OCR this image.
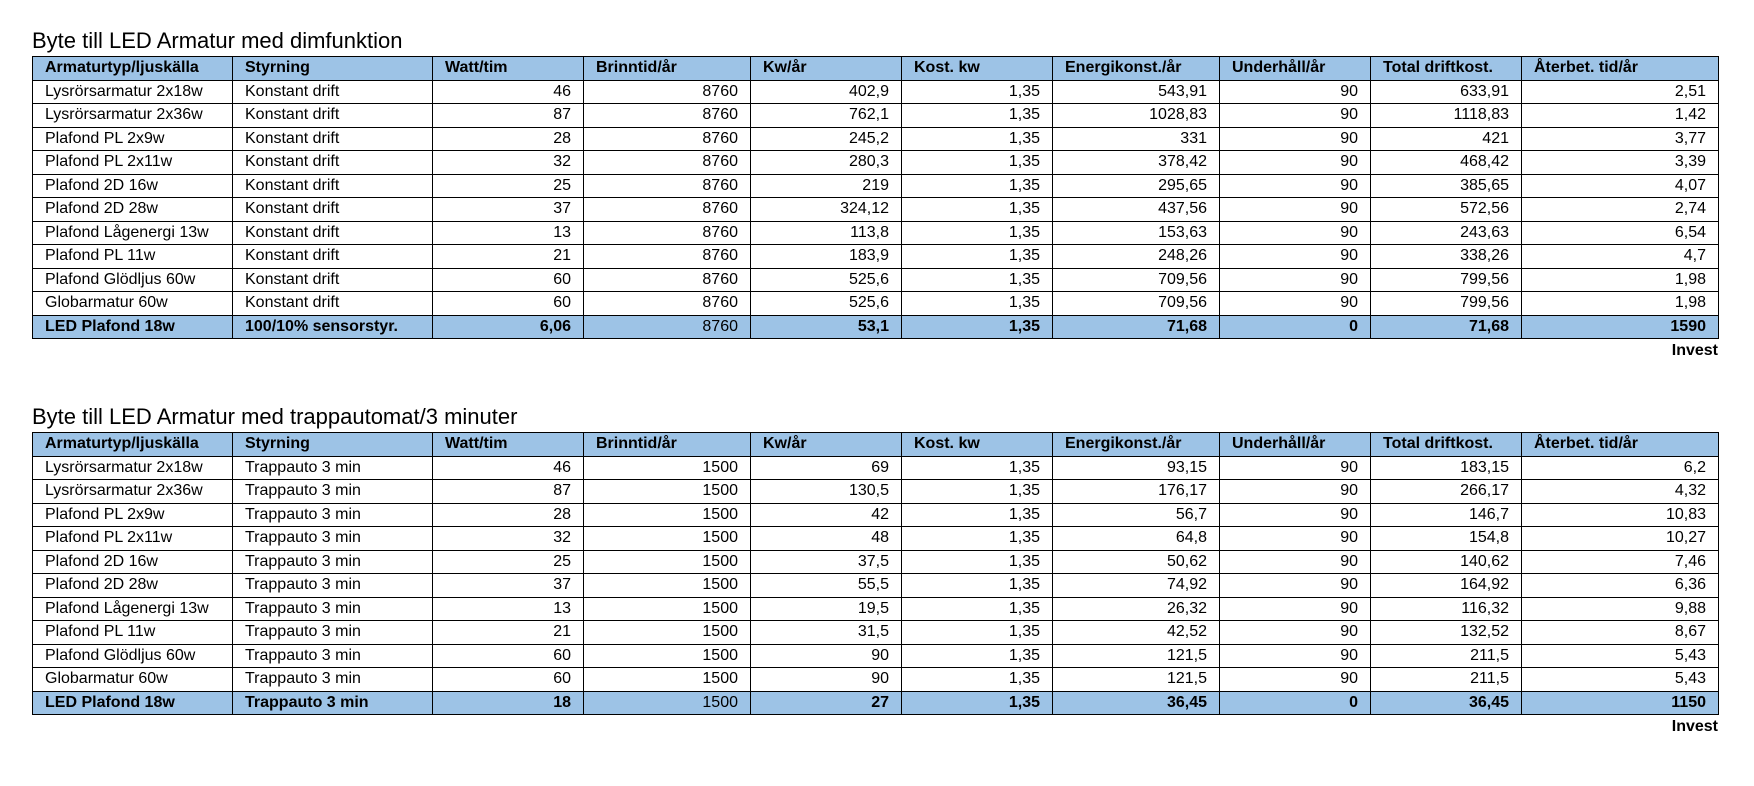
Byte till LED Armatur med dimfunktion
Armaturtyp/ljuskälla	Styrning	Watt/tim	Brinntid/år	Kw/år	Kost. kw	Energikonst./år	Underhåll/år	Total driftkost.	Återbet. tid/år
Lysrörsarmatur 2x18w	Konstant drift	46	8760	402,9	1,35	543,91	90	633,91	2,51
Lysrörsarmatur 2x36w	Konstant drift	87	8760	762,1	1,35	1028,83	90	1118,83	1,42
Plafond PL 2x9w	Konstant drift	28	8760	245,2	1,35	331	90	421	3,77
Plafond PL 2x11w	Konstant drift	32	8760	280,3	1,35	378,42	90	468,42	3,39
Plafond 2D 16w	Konstant drift	25	8760	219	1,35	295,65	90	385,65	4,07
Plafond 2D 28w	Konstant drift	37	8760	324,12	1,35	437,56	90	572,56	2,74
Plafond Lågenergi 13w	Konstant drift	13	8760	113,8	1,35	153,63	90	243,63	6,54
Plafond PL 11w	Konstant drift	21	8760	183,9	1,35	248,26	90	338,26	4,7
Plafond Glödljus 60w	Konstant drift	60	8760	525,6	1,35	709,56	90	799,56	1,98
Globarmatur 60w	Konstant drift	60	8760	525,6	1,35	709,56	90	799,56	1,98
LED Plafond 18w	100/10% sensorstyr.	6,06	8760	53,1	1,35	71,68	0	71,68	1590
Invest
Byte till LED Armatur med trappautomat/3 minuter
Armaturtyp/ljuskälla	Styrning	Watt/tim	Brinntid/år	Kw/år	Kost. kw	Energikonst./år	Underhåll/år	Total driftkost.	Återbet. tid/år
Lysrörsarmatur 2x18w	Trappauto 3 min	46	1500	69	1,35	93,15	90	183,15	6,2
Lysrörsarmatur 2x36w	Trappauto 3 min	87	1500	130,5	1,35	176,17	90	266,17	4,32
Plafond PL 2x9w	Trappauto 3 min	28	1500	42	1,35	56,7	90	146,7	10,83
Plafond PL 2x11w	Trappauto 3 min	32	1500	48	1,35	64,8	90	154,8	10,27
Plafond 2D 16w	Trappauto 3 min	25	1500	37,5	1,35	50,62	90	140,62	7,46
Plafond 2D 28w	Trappauto 3 min	37	1500	55,5	1,35	74,92	90	164,92	6,36
Plafond Lågenergi 13w	Trappauto 3 min	13	1500	19,5	1,35	26,32	90	116,32	9,88
Plafond PL 11w	Trappauto 3 min	21	1500	31,5	1,35	42,52	90	132,52	8,67
Plafond Glödljus 60w	Trappauto 3 min	60	1500	90	1,35	121,5	90	211,5	5,43
Globarmatur 60w	Trappauto 3 min	60	1500	90	1,35	121,5	90	211,5	5,43
LED Plafond 18w	Trappauto 3 min	18	1500	27	1,35	36,45	0	36,45	1150
Invest
